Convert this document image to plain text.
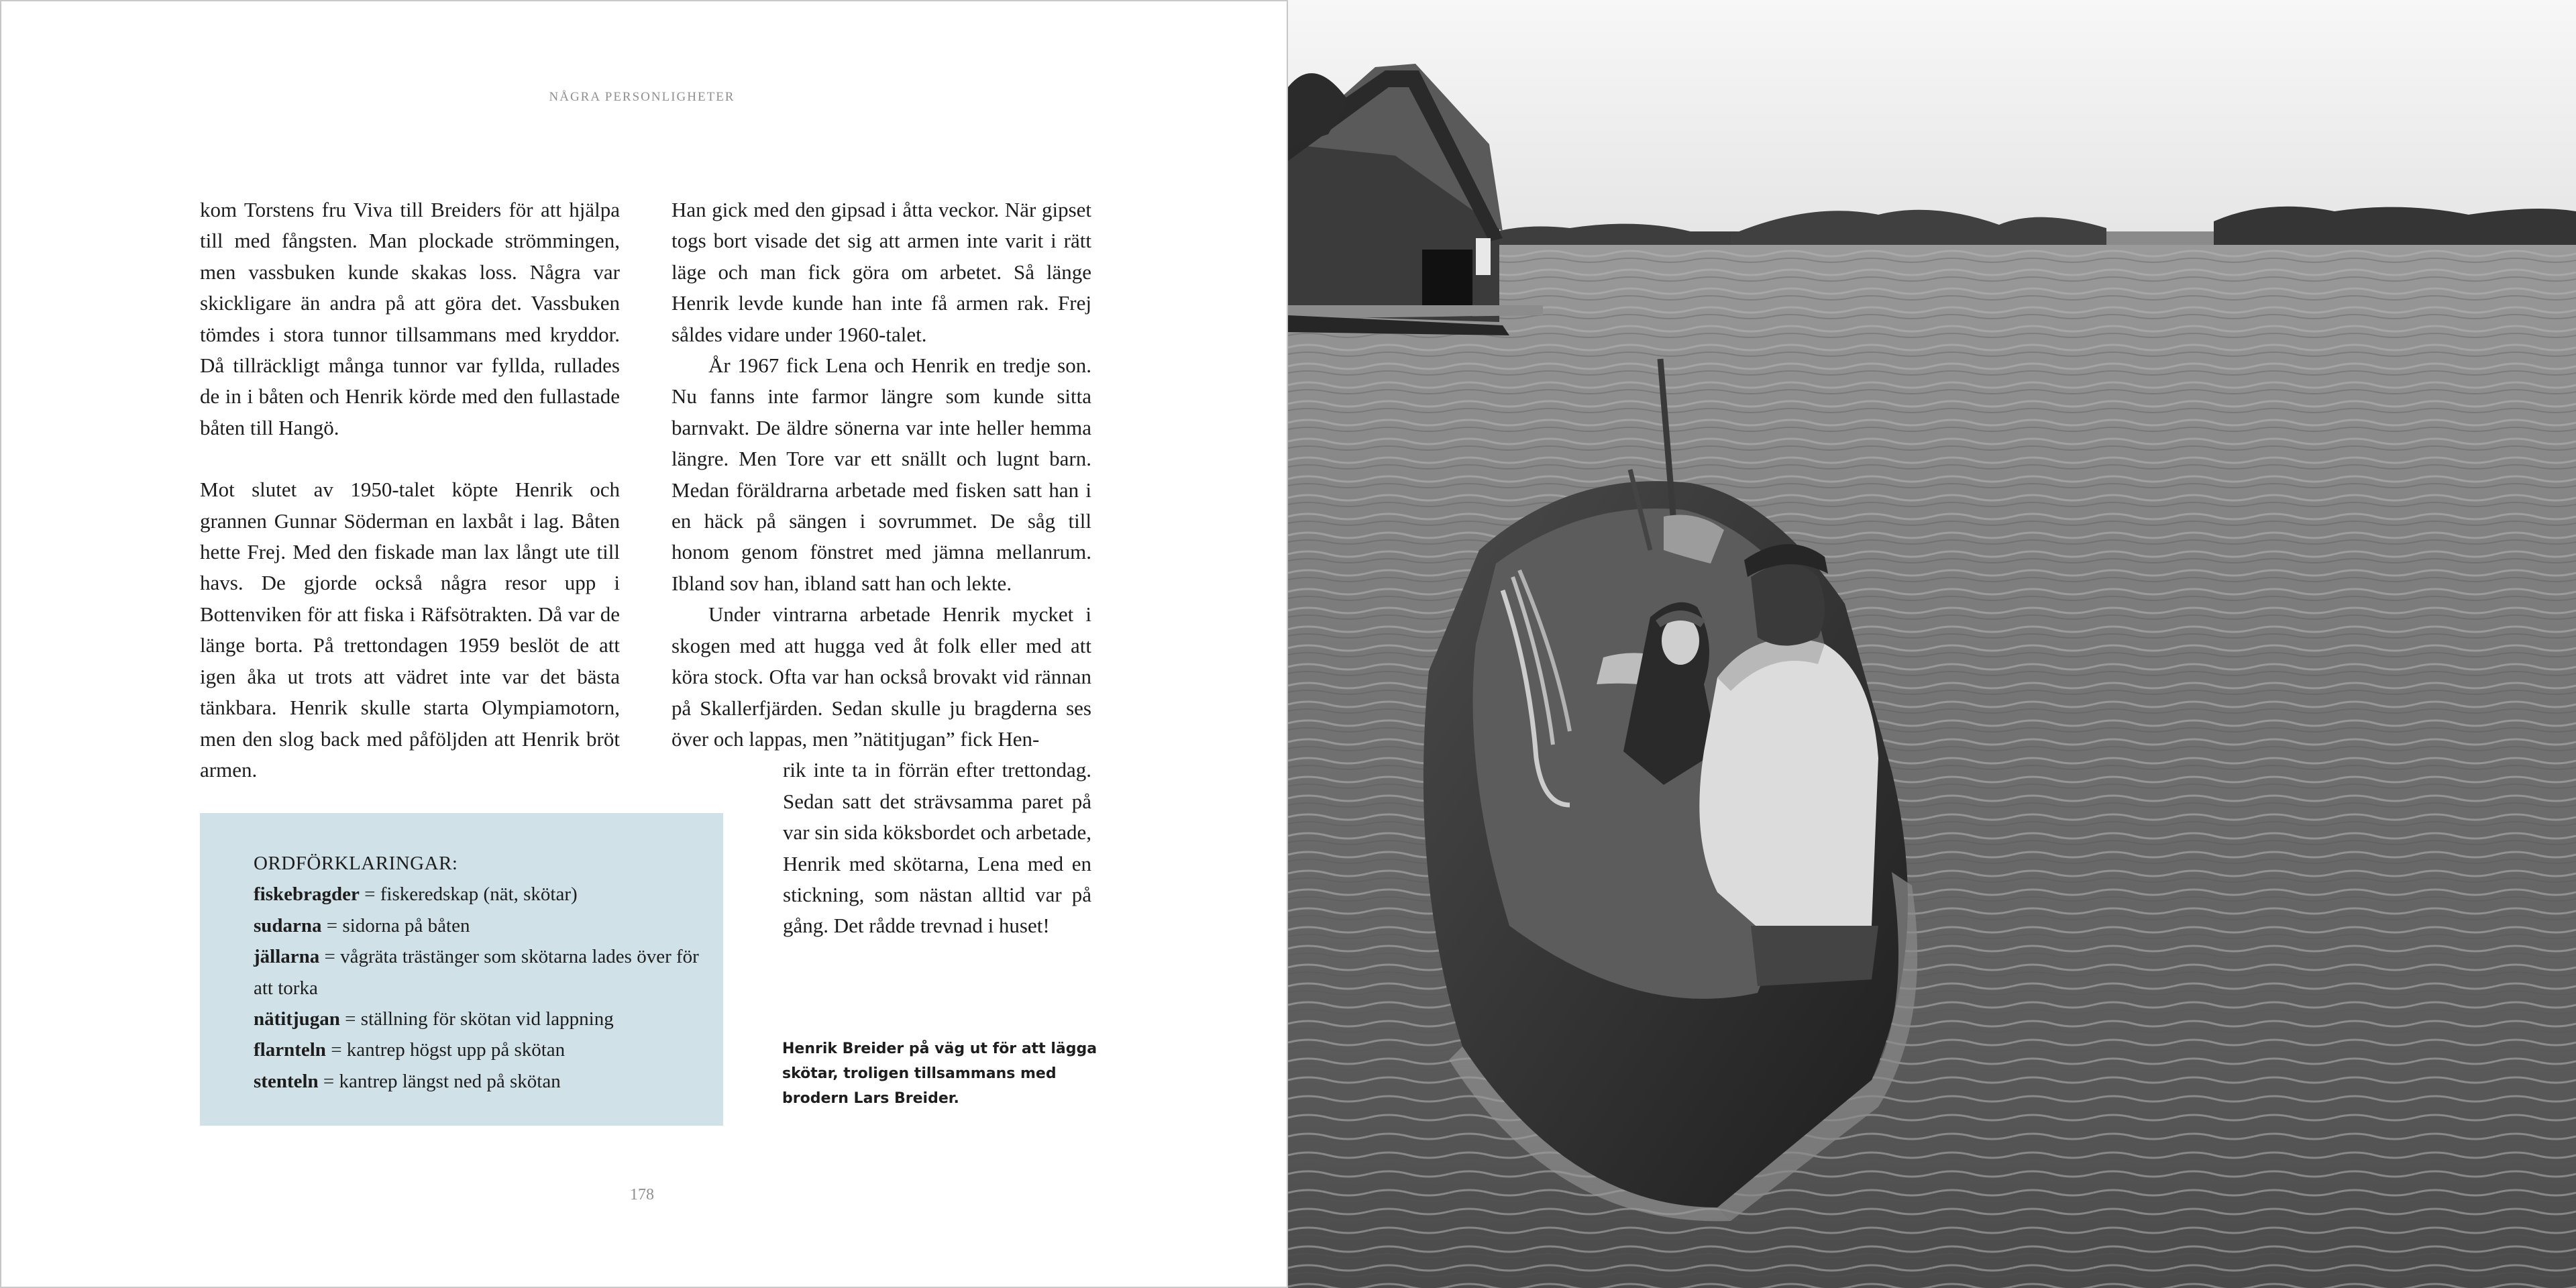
NÅGRA PERSONLIGHETER

kom Torstens fru Viva till Breiders för att hjälpa till med fångsten. Man plockade strömmingen, men vassbuken kunde skakas loss. Några var skickligare än andra på att göra det. Vassbuken tömdes i stora tunnor tillsammans med kryddor. Då tillräckligt många tunnor var fyllda, rullades de in i båten och Henrik körde med den fullastade båten till Hangö.

Mot slutet av 1950-talet köpte Henrik och grannen Gunnar Söderman en laxbåt i lag. Båten hette Frej. Med den fiskade man lax långt ute till havs. De gjorde också några resor upp i Bottenviken för att fiska i Räfsötrakten. Då var de länge borta. På trettondagen 1959 beslöt de att igen åka ut trots att vädret inte var det bästa tänkbara. Henrik skulle starta Olympiamotorn, men den slog back med påföljden att Henrik bröt armen.

Han gick med den gipsad i åtta veckor. När gipset togs bort visade det sig att armen inte varit i rätt läge och man fick göra om arbetet. Så länge Henrik levde kunde han inte få armen rak. Frej såldes vidare under 1960-talet.

År 1967 fick Lena och Henrik en tredje son. Nu fanns inte farmor längre som kunde sitta barnvakt. De äldre sönerna var inte heller hemma längre. Men Tore var ett snällt och lugnt barn. Medan föräldrarna arbetade med fisken satt han i en häck på sängen i sovrummet. De såg till honom genom fönstret med jämna mellanrum. Ibland sov han, ibland satt han och lekte.

Under vintrarna arbetade Henrik mycket i skogen med att hugga ved åt folk eller med att köra stock. Ofta var han också brovakt vid rännan på Skallerfjärden. Sedan skulle ju bragderna ses över och lappas, men ”nätitjugan” fick Hen-

rik inte ta in förrän efter trettondag. Sedan satt det strävsamma paret på var sin sida köksbordet och arbetade, Henrik med skötarna, Lena med en stickning, som nästan alltid var på gång. Det rådde trevnad i huset!

ORDFÖRKLARINGAR:
fiskebragder = fiskeredskap (nät, skötar)
sudarna = sidorna på båten
jällarna = vågräta trästänger som skötarna lades över för att torka
nätitjugan = ställning för skötan vid lappning
flarnteln = kantrep högst upp på skötan
stenteln = kantrep längst ned på skötan
Henrik Breider på väg ut för att lägga skötar, troligen tillsammans med brodern Lars Breider.
178
